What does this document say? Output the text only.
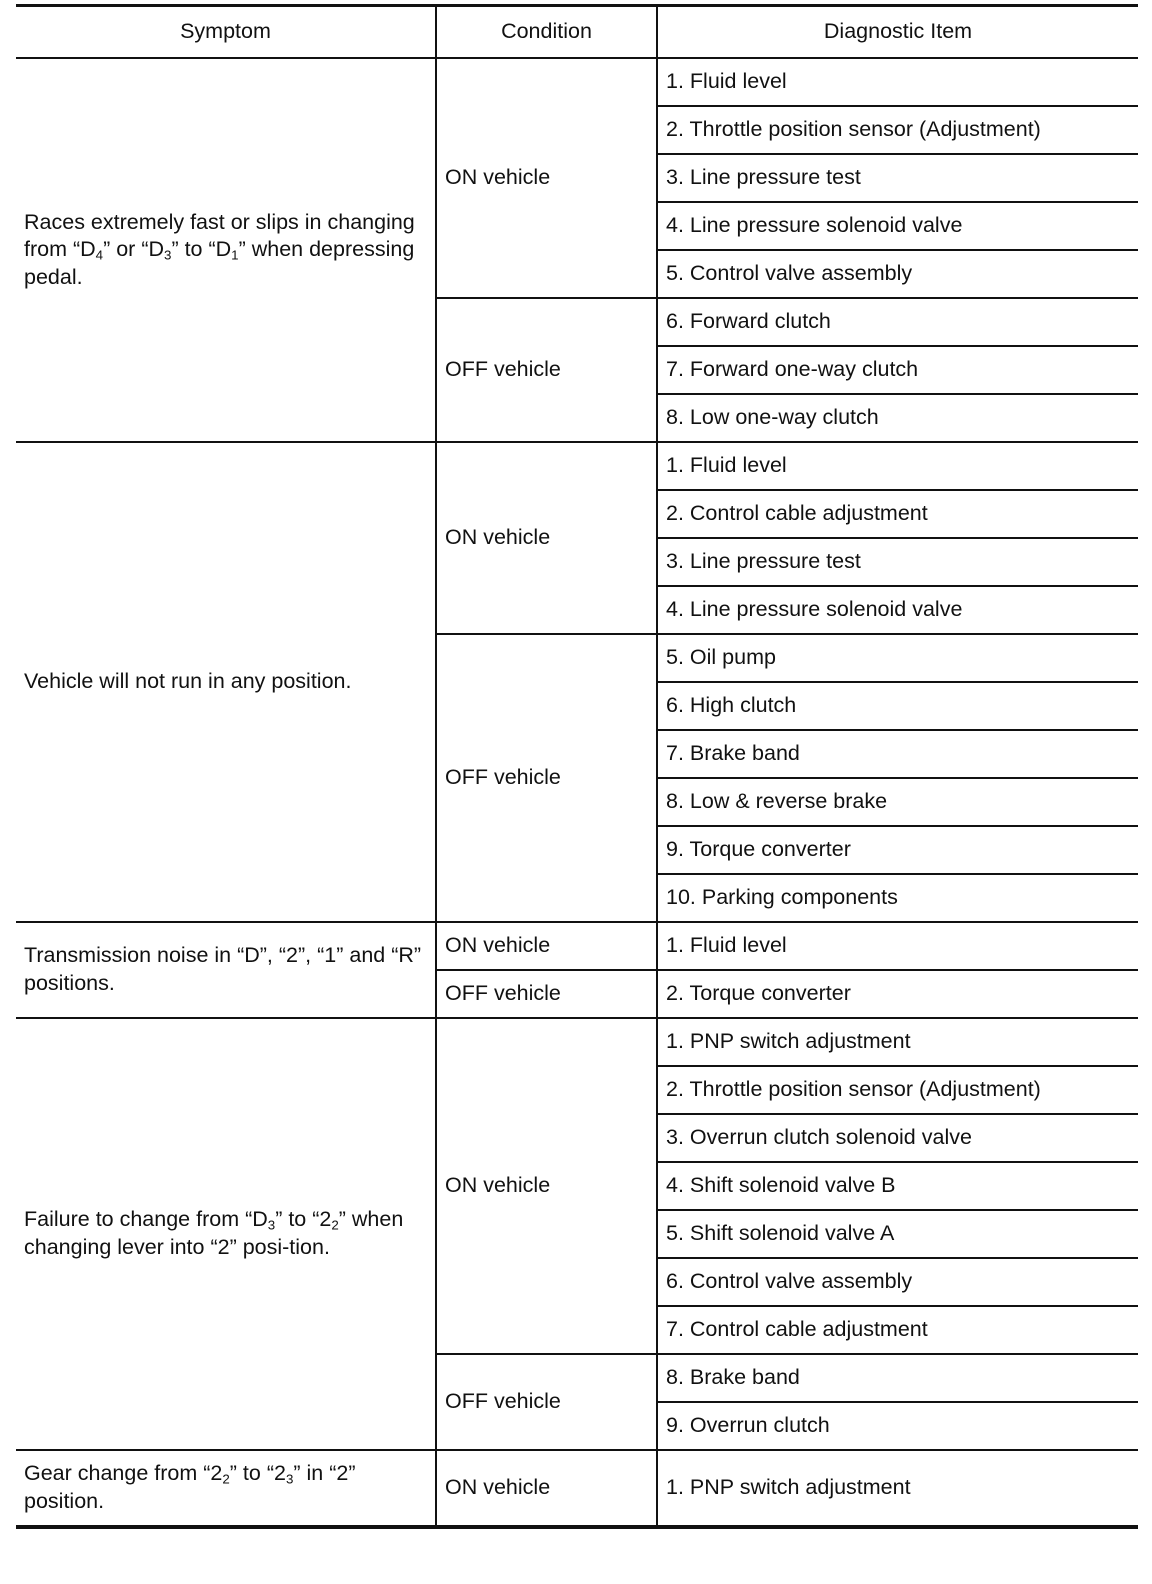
Symptom	Condition	Diagnostic Item
Races extremely fast or slips in changing from “$D_4$” or “$D_3$” to “$D_1$” when depressing pedal.	ON vehicle	1. Fluid level
		2. Throttle position sensor (Adjustment)
		3. Line pressure test
		4. Line pressure solenoid valve
		5. Control valve assembly
	OFF vehicle	6. Forward clutch
		7. Forward one-way clutch
		8. Low one-way clutch
Vehicle will not run in any position.	ON vehicle	1. Fluid level
		2. Control cable adjustment
		3. Line pressure test
		4. Line pressure solenoid valve
	OFF vehicle	5. Oil pump
		6. High clutch
		7. Brake band
		8. Low & reverse brake
		9. Torque converter
		10. Parking components
Transmission noise in “D”, “2”, “1” and “R” positions.	ON vehicle	1. Fluid level
	OFF vehicle	2. Torque converter
Failure to change from “$D_3$” to “$2_2$” when changing lever into “2” posi-tion.	ON vehicle	1. PNP switch adjustment
		2. Throttle position sensor (Adjustment)
		3. Overrun clutch solenoid valve
		4. Shift solenoid valve B
		5. Shift solenoid valve A
		6. Control valve assembly
		7. Control cable adjustment
	OFF vehicle	8. Brake band
		9. Overrun clutch
Gear change from “$2_2$” to “$2_3$” in “2” position.	ON vehicle	1. PNP switch adjustment
